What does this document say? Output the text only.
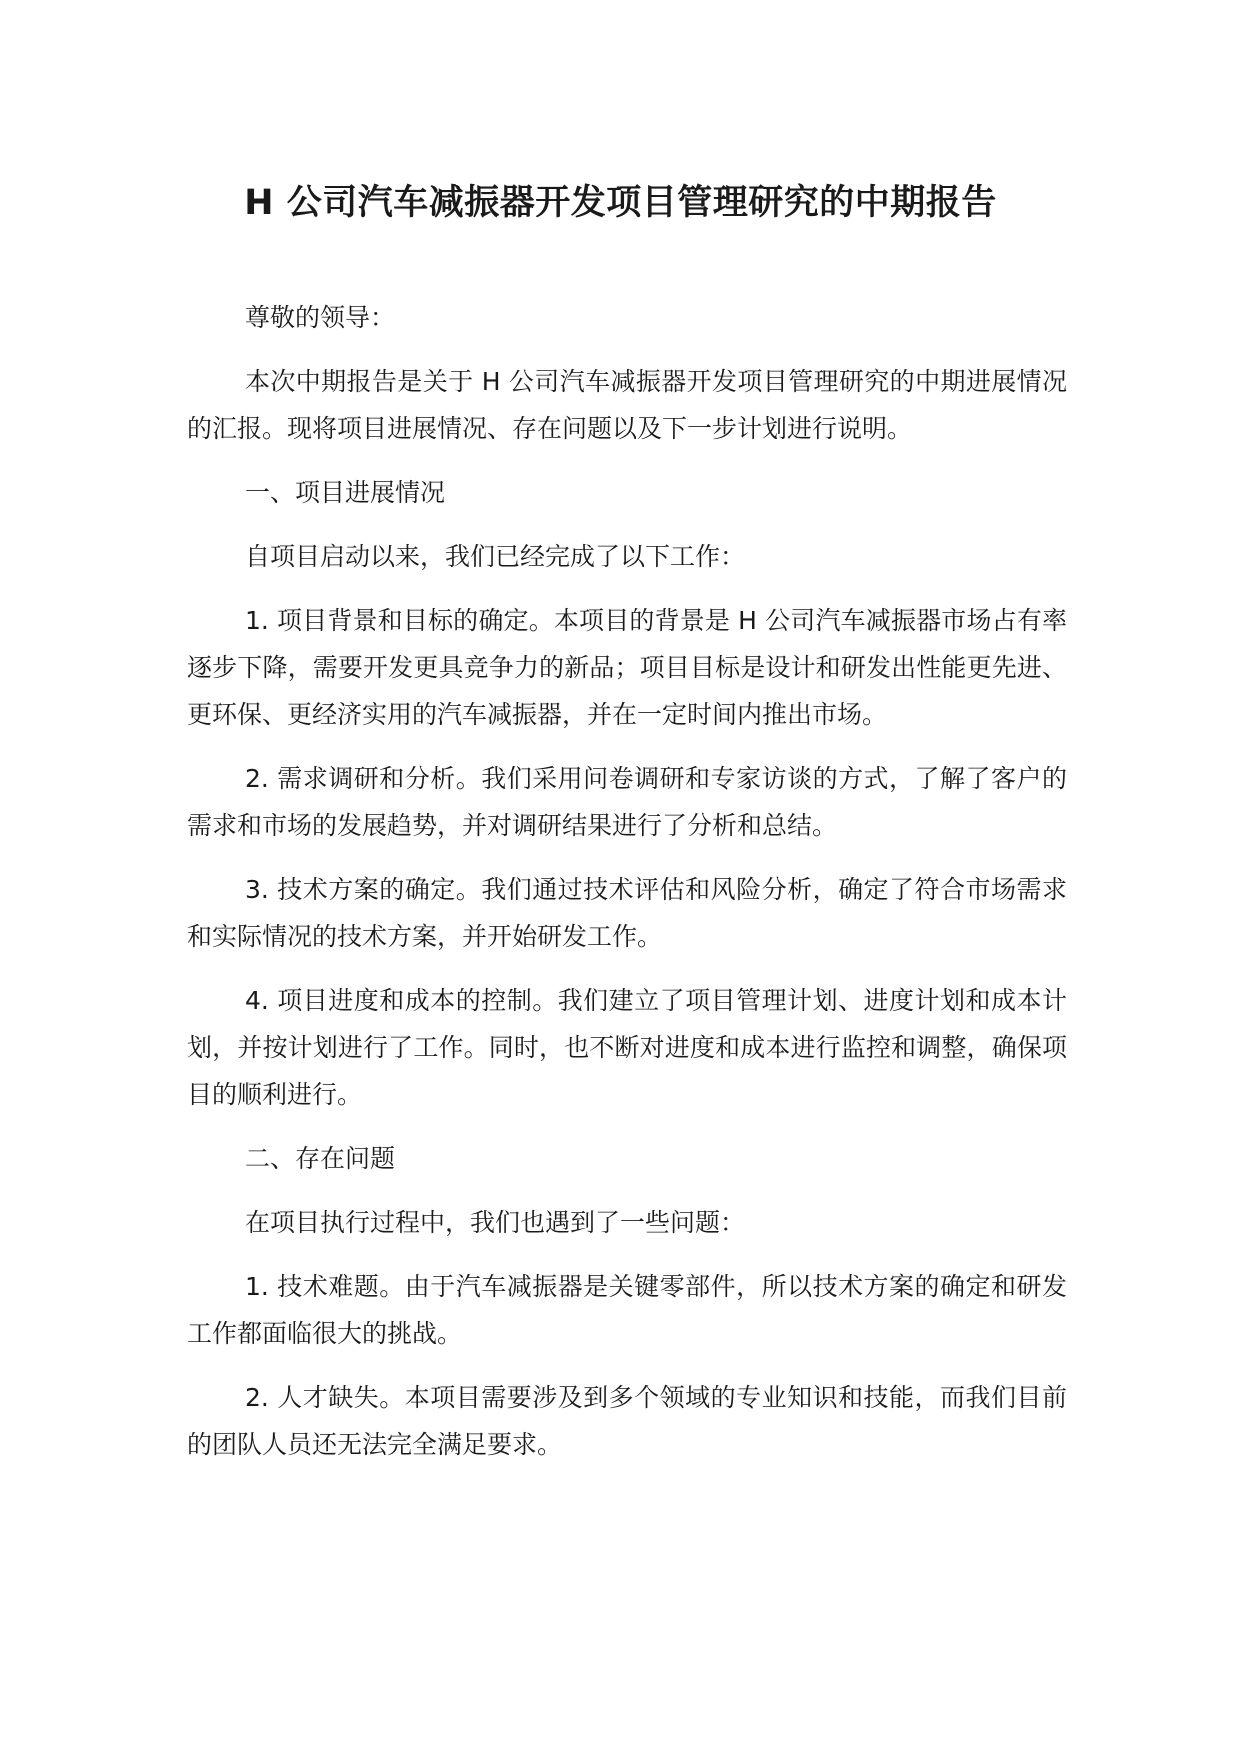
H 公司汽车减振器开发项目管理研究的中期报告

尊敬的领导：

本次中期报告是关于 H 公司汽车减振器开发项目管理研究的中期进展情况的汇报。现将项目进展情况、存在问题以及下一步计划进行说明。

一、项目进展情况

自项目启动以来，我们已经完成了以下工作：

1. 项目背景和目标的确定。本项目的背景是 H 公司汽车减振器市场占有率逐步下降，需要开发更具竞争力的新品；项目目标是设计和研发出性能更先进、更环保、更经济实用的汽车减振器，并在一定时间内推出市场。

2. 需求调研和分析。我们采用问卷调研和专家访谈的方式，了解了客户的需求和市场的发展趋势，并对调研结果进行了分析和总结。

3. 技术方案的确定。我们通过技术评估和风险分析，确定了符合市场需求和实际情况的技术方案，并开始研发工作。

4. 项目进度和成本的控制。我们建立了项目管理计划、进度计划和成本计划，并按计划进行了工作。同时，也不断对进度和成本进行监控和调整，确保项目的顺利进行。

二、存在问题

在项目执行过程中，我们也遇到了一些问题：

1. 技术难题。由于汽车减振器是关键零部件，所以技术方案的确定和研发工作都面临很大的挑战。

2. 人才缺失。本项目需要涉及到多个领域的专业知识和技能，而我们目前的团队人员还无法完全满足要求。
